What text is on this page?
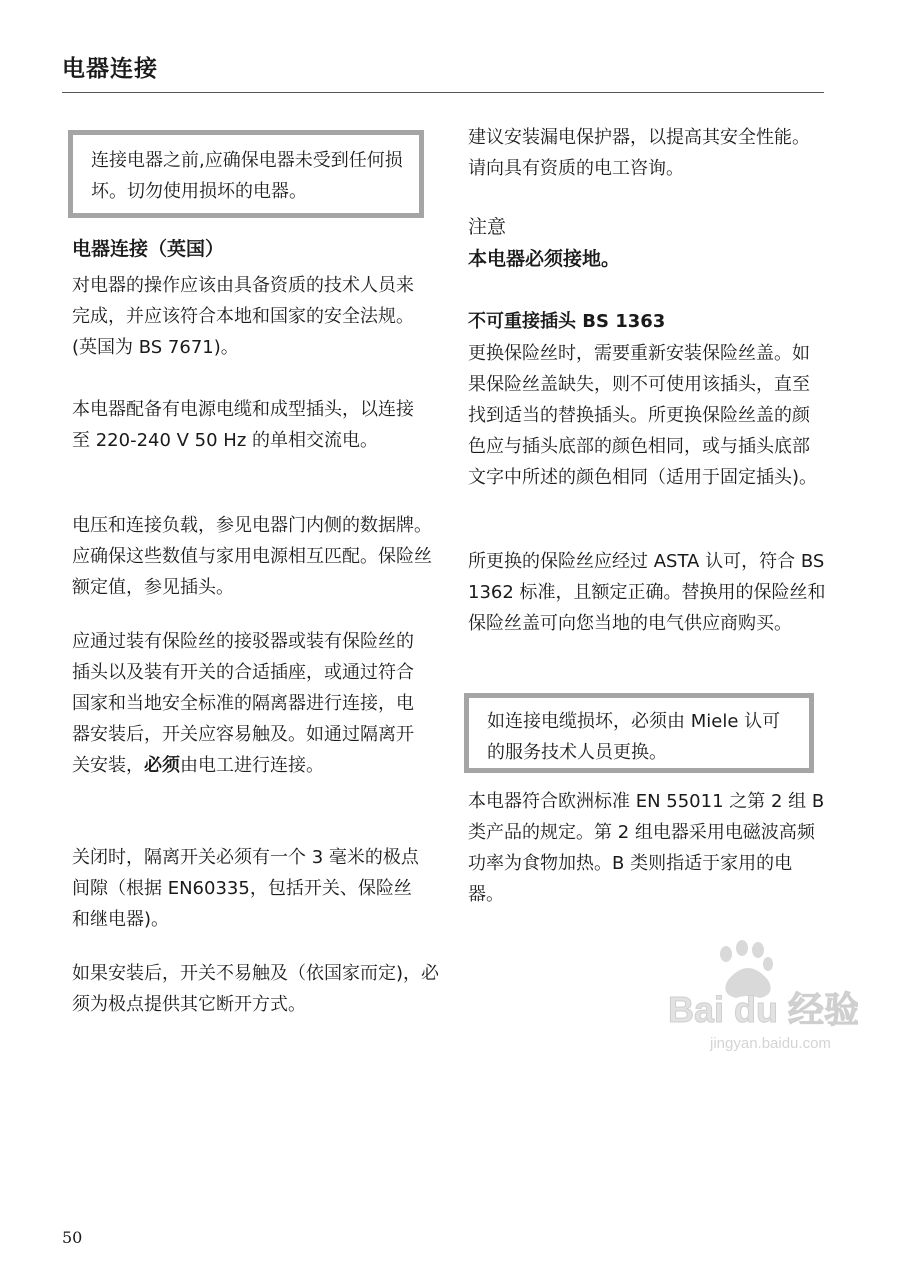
电器连接
连接电器之前,应确保电器未受到任何损坏。切勿使用损坏的电器。
电器连接（英国）

对电器的操作应该由具备资质的技术人员来完成，并应该符合本地和国家的安全法规。(英国为 BS 7671)。

本电器配备有电源电缆和成型插头，以连接至 220-240 V 50 Hz 的单相交流电。

电压和连接负载，参见电器门内侧的数据牌。应确保这些数值与家用电源相互匹配。保险丝额定值，参见插头。

应通过装有保险丝的接驳器或装有保险丝的插头以及装有开关的合适插座，或通过符合国家和当地安全标准的隔离器进行连接，电器安装后，开关应容易触及。如通过隔离开关安装，必须由电工进行连接。

关闭时，隔离开关必须有一个 3 毫米的极点间隙（根据 EN60335，包括开关、保险丝和继电器)。

如果安装后，开关不易触及（依国家而定)，必须为极点提供其它断开方式。

建议安装漏电保护器，以提高其安全性能。请向具有资质的电工咨询。

注意
本电器必须接地。
不可重接插头 BS 1363

更换保险丝时，需要重新安装保险丝盖。如果保险丝盖缺失，则不可使用该插头，直至找到适当的替换插头。所更换保险丝盖的颜色应与插头底部的颜色相同，或与插头底部文字中所述的颜色相同（适用于固定插头)。

所更换的保险丝应经过 ASTA 认可，符合 BS 1362 标准，且额定正确。替换用的保险丝和保险丝盖可向您当地的电气供应商购买。

如连接电缆损坏，必须由 Miele 认可的服务技术人员更换。

本电器符合欧洲标准 EN 55011 之第 2 组 B 类产品的规定。第 2 组电器采用电磁波高频功率为食物加热。B 类则指适于家用的电器。

50
Bai du 经验
jingyan.baidu.com
